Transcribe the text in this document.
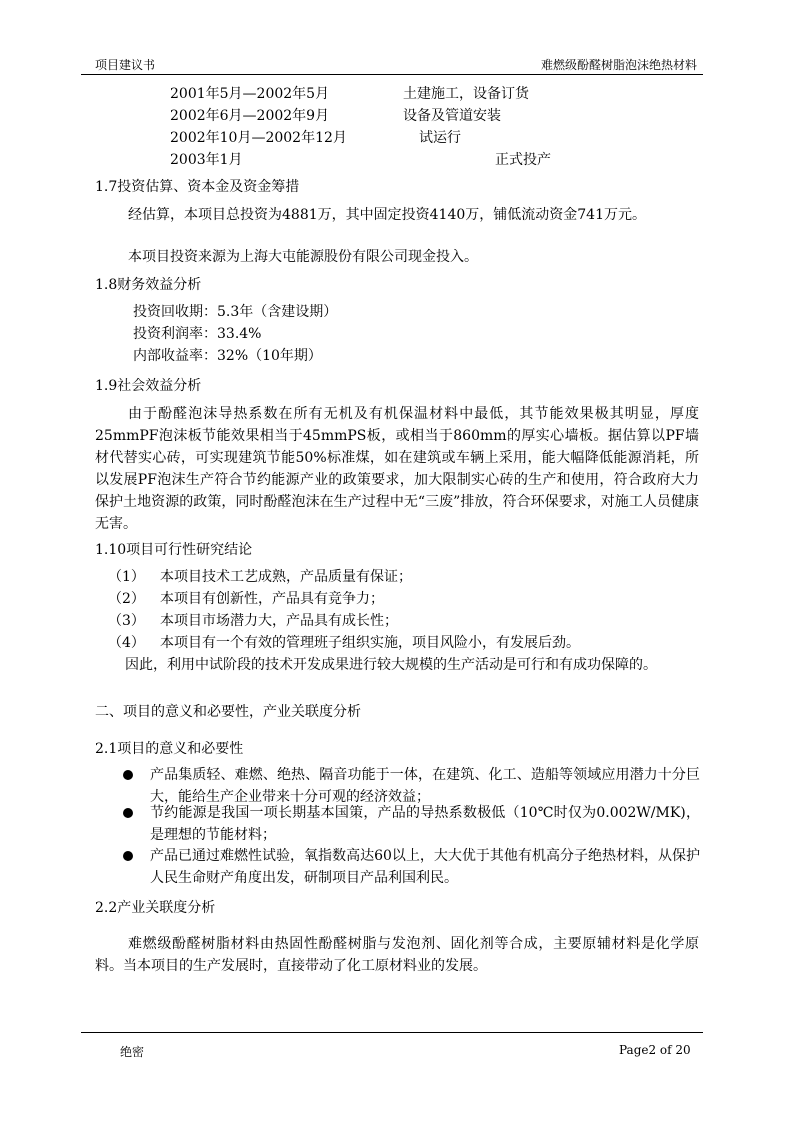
项目建议书	难燃级酚醛树脂泡沫绝热材料
2001年5月—2002年5月	土建施工，设备订货
2002年6月—2002年9月	设备及管道安装
2002年10月—2002年12月	试运行
2003年1月	正式投产
1.7投资估算、资本金及资金筹措
经估算，本项目总投资为4881万，其中固定投资4140万，铺低流动资金741万元。
本项目投资来源为上海大屯能源股份有限公司现金投入。
1.8财务效益分析
投资回收期：5.3年（含建设期）
投资利润率：33.4%
内部收益率：32%（10年期）
1.9社会效益分析
由于酚醛泡沫导热系数在所有无机及有机保温材料中最低，其节能效果极其明显，厚度25mmPF泡沫板节能效果相当于45mmPS板，或相当于860mm的厚实心墙板。据估算以PF墙材代替实心砖，可实现建筑节能50%标准煤，如在建筑或车辆上采用，能大幅降低能源消耗，所以发展PF泡沫生产符合节约能源产业的政策要求，加大限制实心砖的生产和使用，符合政府大力保护土地资源的政策，同时酚醛泡沫在生产过程中无“三废”排放，符合环保要求，对施工人员健康无害。
1.10项目可行性研究结论
（1） 本项目技术工艺成熟，产品质量有保证；
（2） 本项目有创新性，产品具有竞争力；
（3） 本项目市场潜力大，产品具有成长性；
（4） 本项目有一个有效的管理班子组织实施，项目风险小，有发展后劲。
因此，利用中试阶段的技术开发成果进行较大规模的生产活动是可行和有成功保障的。
二、项目的意义和必要性，产业关联度分析
2.1项目的意义和必要性
产品集质轻、难燃、绝热、隔音功能于一体，在建筑、化工、造船等领域应用潜力十分巨大，能给生产企业带来十分可观的经济效益；
节约能源是我国一项长期基本国策，产品的导热系数极低（10℃时仅为0.002W/MK)，是理想的节能材料；
产品已通过难燃性试验，氧指数高达60以上，大大优于其他有机高分子绝热材料，从保护人民生命财产角度出发，研制项目产品利国利民。
2.2产业关联度分析
难燃级酚醛树脂材料由热固性酚醛树脂与发泡剂、固化剂等合成，主要原辅材料是化学原料。当本项目的生产发展时，直接带动了化工原材料业的发展。
绝密	Page2 of 20
